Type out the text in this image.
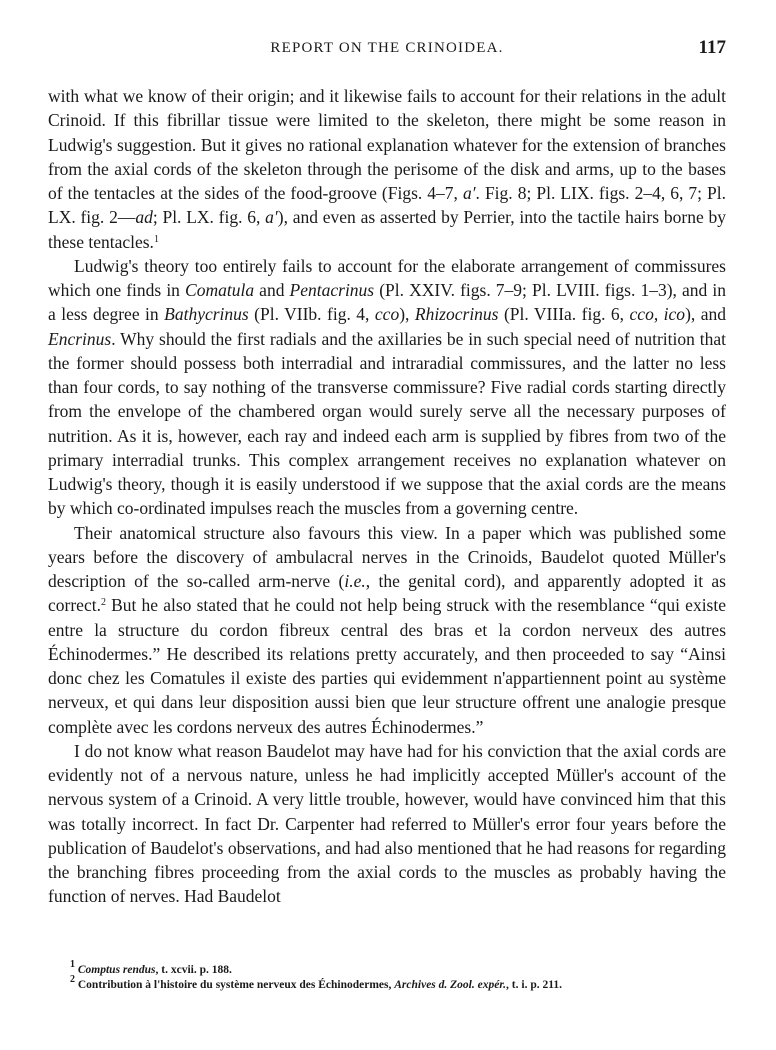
REPORT ON THE CRINOIDEA.	117

with what we know of their origin; and it likewise fails to account for their relations in the adult Crinoid. If this fibrillar tissue were limited to the skeleton, there might be some reason in Ludwig's suggestion. But it gives no rational explanation whatever for the extension of branches from the axial cords of the skeleton through the perisome of the disk and arms, up to the bases of the tentacles at the sides of the food-groove (Figs. 4–7, a′. Fig. 8; Pl. LIX. figs. 2–4, 6, 7; Pl. LX. fig. 2—ad; Pl. LX. fig. 6, a′), and even as asserted by Perrier, into the tactile hairs borne by these tentacles.$^1$

Ludwig's theory too entirely fails to account for the elaborate arrangement of commissures which one finds in Comatula and Pentacrinus (Pl. XXIV. figs. 7–9; Pl. LVIII. figs. 1–3), and in a less degree in Bathycrinus (Pl. VIIb. fig. 4, cco), Rhizocrinus (Pl. VIIIa. fig. 6, cco, ico), and Encrinus. Why should the first radials and the axillaries be in such special need of nutrition that the former should possess both interradial and intraradial commissures, and the latter no less than four cords, to say nothing of the transverse commissure? Five radial cords starting directly from the envelope of the chambered organ would surely serve all the necessary purposes of nutrition. As it is, however, each ray and indeed each arm is supplied by fibres from two of the primary interradial trunks. This complex arrangement receives no explanation whatever on Ludwig's theory, though it is easily understood if we suppose that the axial cords are the means by which co-ordinated impulses reach the muscles from a governing centre.

Their anatomical structure also favours this view. In a paper which was published some years before the discovery of ambulacral nerves in the Crinoids, Baudelot quoted Müller's description of the so-called arm-nerve (i.e., the genital cord), and apparently adopted it as correct.$^2$ But he also stated that he could not help being struck with the resemblance “qui existe entre la structure du cordon fibreux central des bras et la cordon nerveux des autres Échinodermes.” He described its relations pretty accurately, and then proceeded to say “Ainsi donc chez les Comatules il existe des parties qui evidemment n'appartiennent point au système nerveux, et qui dans leur disposition aussi bien que leur structure offrent une analogie presque complète avec les cordons nerveux des autres Échinodermes.”

I do not know what reason Baudelot may have had for his conviction that the axial cords are evidently not of a nervous nature, unless he had implicitly accepted Müller's account of the nervous system of a Crinoid. A very little trouble, however, would have convinced him that this was totally incorrect. In fact Dr. Carpenter had referred to Müller's error four years before the publication of Baudelot's observations, and had also mentioned that he had reasons for regarding the branching fibres proceeding from the axial cords to the muscles as probably having the function of nerves. Had Baudelot

$^1$ Comptus rendus, t. xcvii. p. 188.
$^2$ Contribution à l'histoire du système nerveux des Échinodermes, Archives d. Zool. expér., t. i. p. 211.
